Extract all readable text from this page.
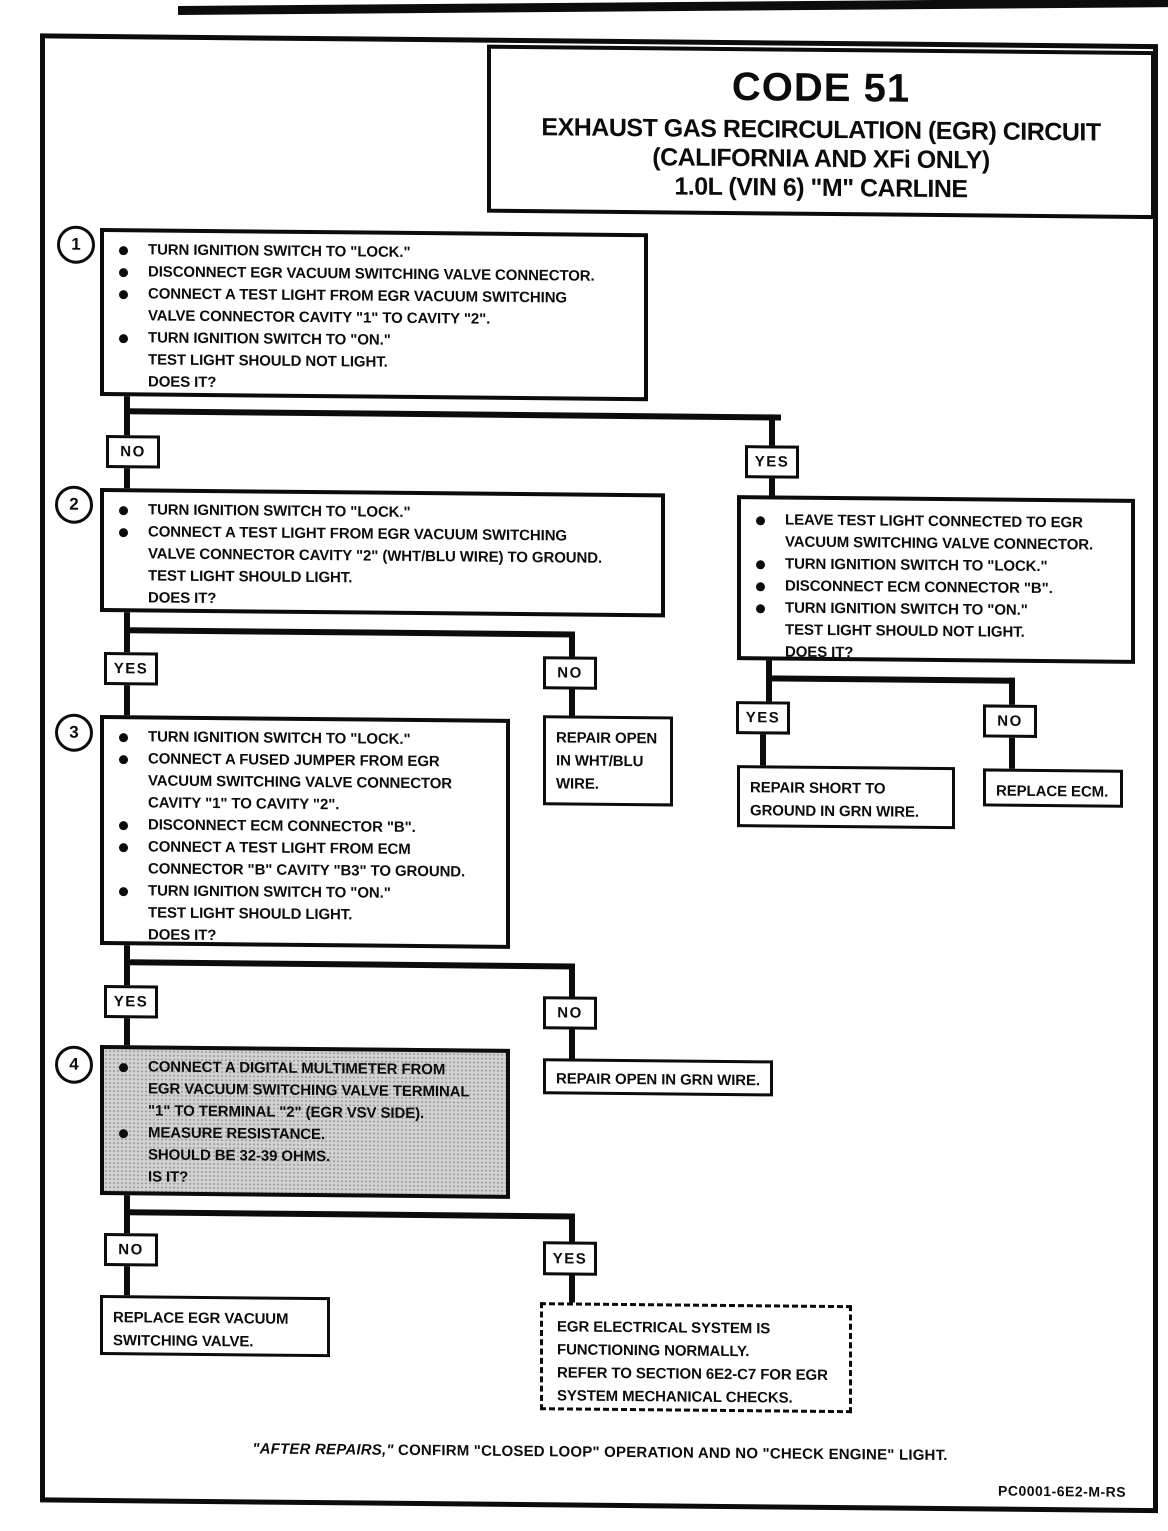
CODE 51
EXHAUST GAS RECIRCULATION (EGR) CIRCUIT
(CALIFORNIA AND XFi ONLY)
1.0L (VIN 6) "M" CARLINE
1	TURN IGNITION SWITCH TO "LOCK."
DISCONNECT EGR VACUUM SWITCHING VALVE CONNECTOR.
CONNECT A TEST LIGHT FROM EGR VACUUM SWITCHING
VALVE CONNECTOR CAVITY "1" TO CAVITY "2".
TURN IGNITION SWITCH TO "ON."
TEST LIGHT SHOULD NOT LIGHT.
DOES IT?
NO
YES
2	TURN IGNITION SWITCH TO "LOCK."
CONNECT A TEST LIGHT FROM EGR VACUUM SWITCHING
VALVE CONNECTOR CAVITY "2" (WHT/BLU WIRE) TO GROUND.
TEST LIGHT SHOULD LIGHT.
DOES IT?
LEAVE TEST LIGHT CONNECTED TO EGR
VACUUM SWITCHING VALVE CONNECTOR.
TURN IGNITION SWITCH TO "LOCK."
DISCONNECT ECM CONNECTOR "B".
TURN IGNITION SWITCH TO "ON."
TEST LIGHT SHOULD NOT LIGHT.
DOES IT?
YES	NO
YES	NO
3	TURN IGNITION SWITCH TO "LOCK."
CONNECT A FUSED JUMPER FROM EGR
VACUUM SWITCHING VALVE CONNECTOR
CAVITY "1" TO CAVITY "2".
DISCONNECT ECM CONNECTOR "B".
CONNECT A TEST LIGHT FROM ECM
CONNECTOR "B" CAVITY "B3" TO GROUND.
TURN IGNITION SWITCH TO "ON."
TEST LIGHT SHOULD LIGHT.
DOES IT?
REPAIR OPEN
IN WHT/BLU
WIRE.	REPAIR SHORT TO
GROUND IN GRN WIRE.
REPLACE ECM.
YES
NO
4	CONNECT A DIGITAL MULTIMETER FROM
EGR VACUUM SWITCHING VALVE TERMINAL
"1" TO TERMINAL "2" (EGR VSV SIDE).
MEASURE RESISTANCE.
SHOULD BE 32-39 OHMS.
IS IT?
REPAIR OPEN IN GRN WIRE.
NO
YES
REPLACE EGR VACUUM
SWITCHING VALVE.
EGR ELECTRICAL SYSTEM IS
FUNCTIONING NORMALLY.
REFER TO SECTION 6E2-C7 FOR EGR
SYSTEM MECHANICAL CHECKS.
"AFTER REPAIRS," CONFIRM "CLOSED LOOP" OPERATION AND NO "CHECK ENGINE" LIGHT.
PC0001-6E2-M-RS
